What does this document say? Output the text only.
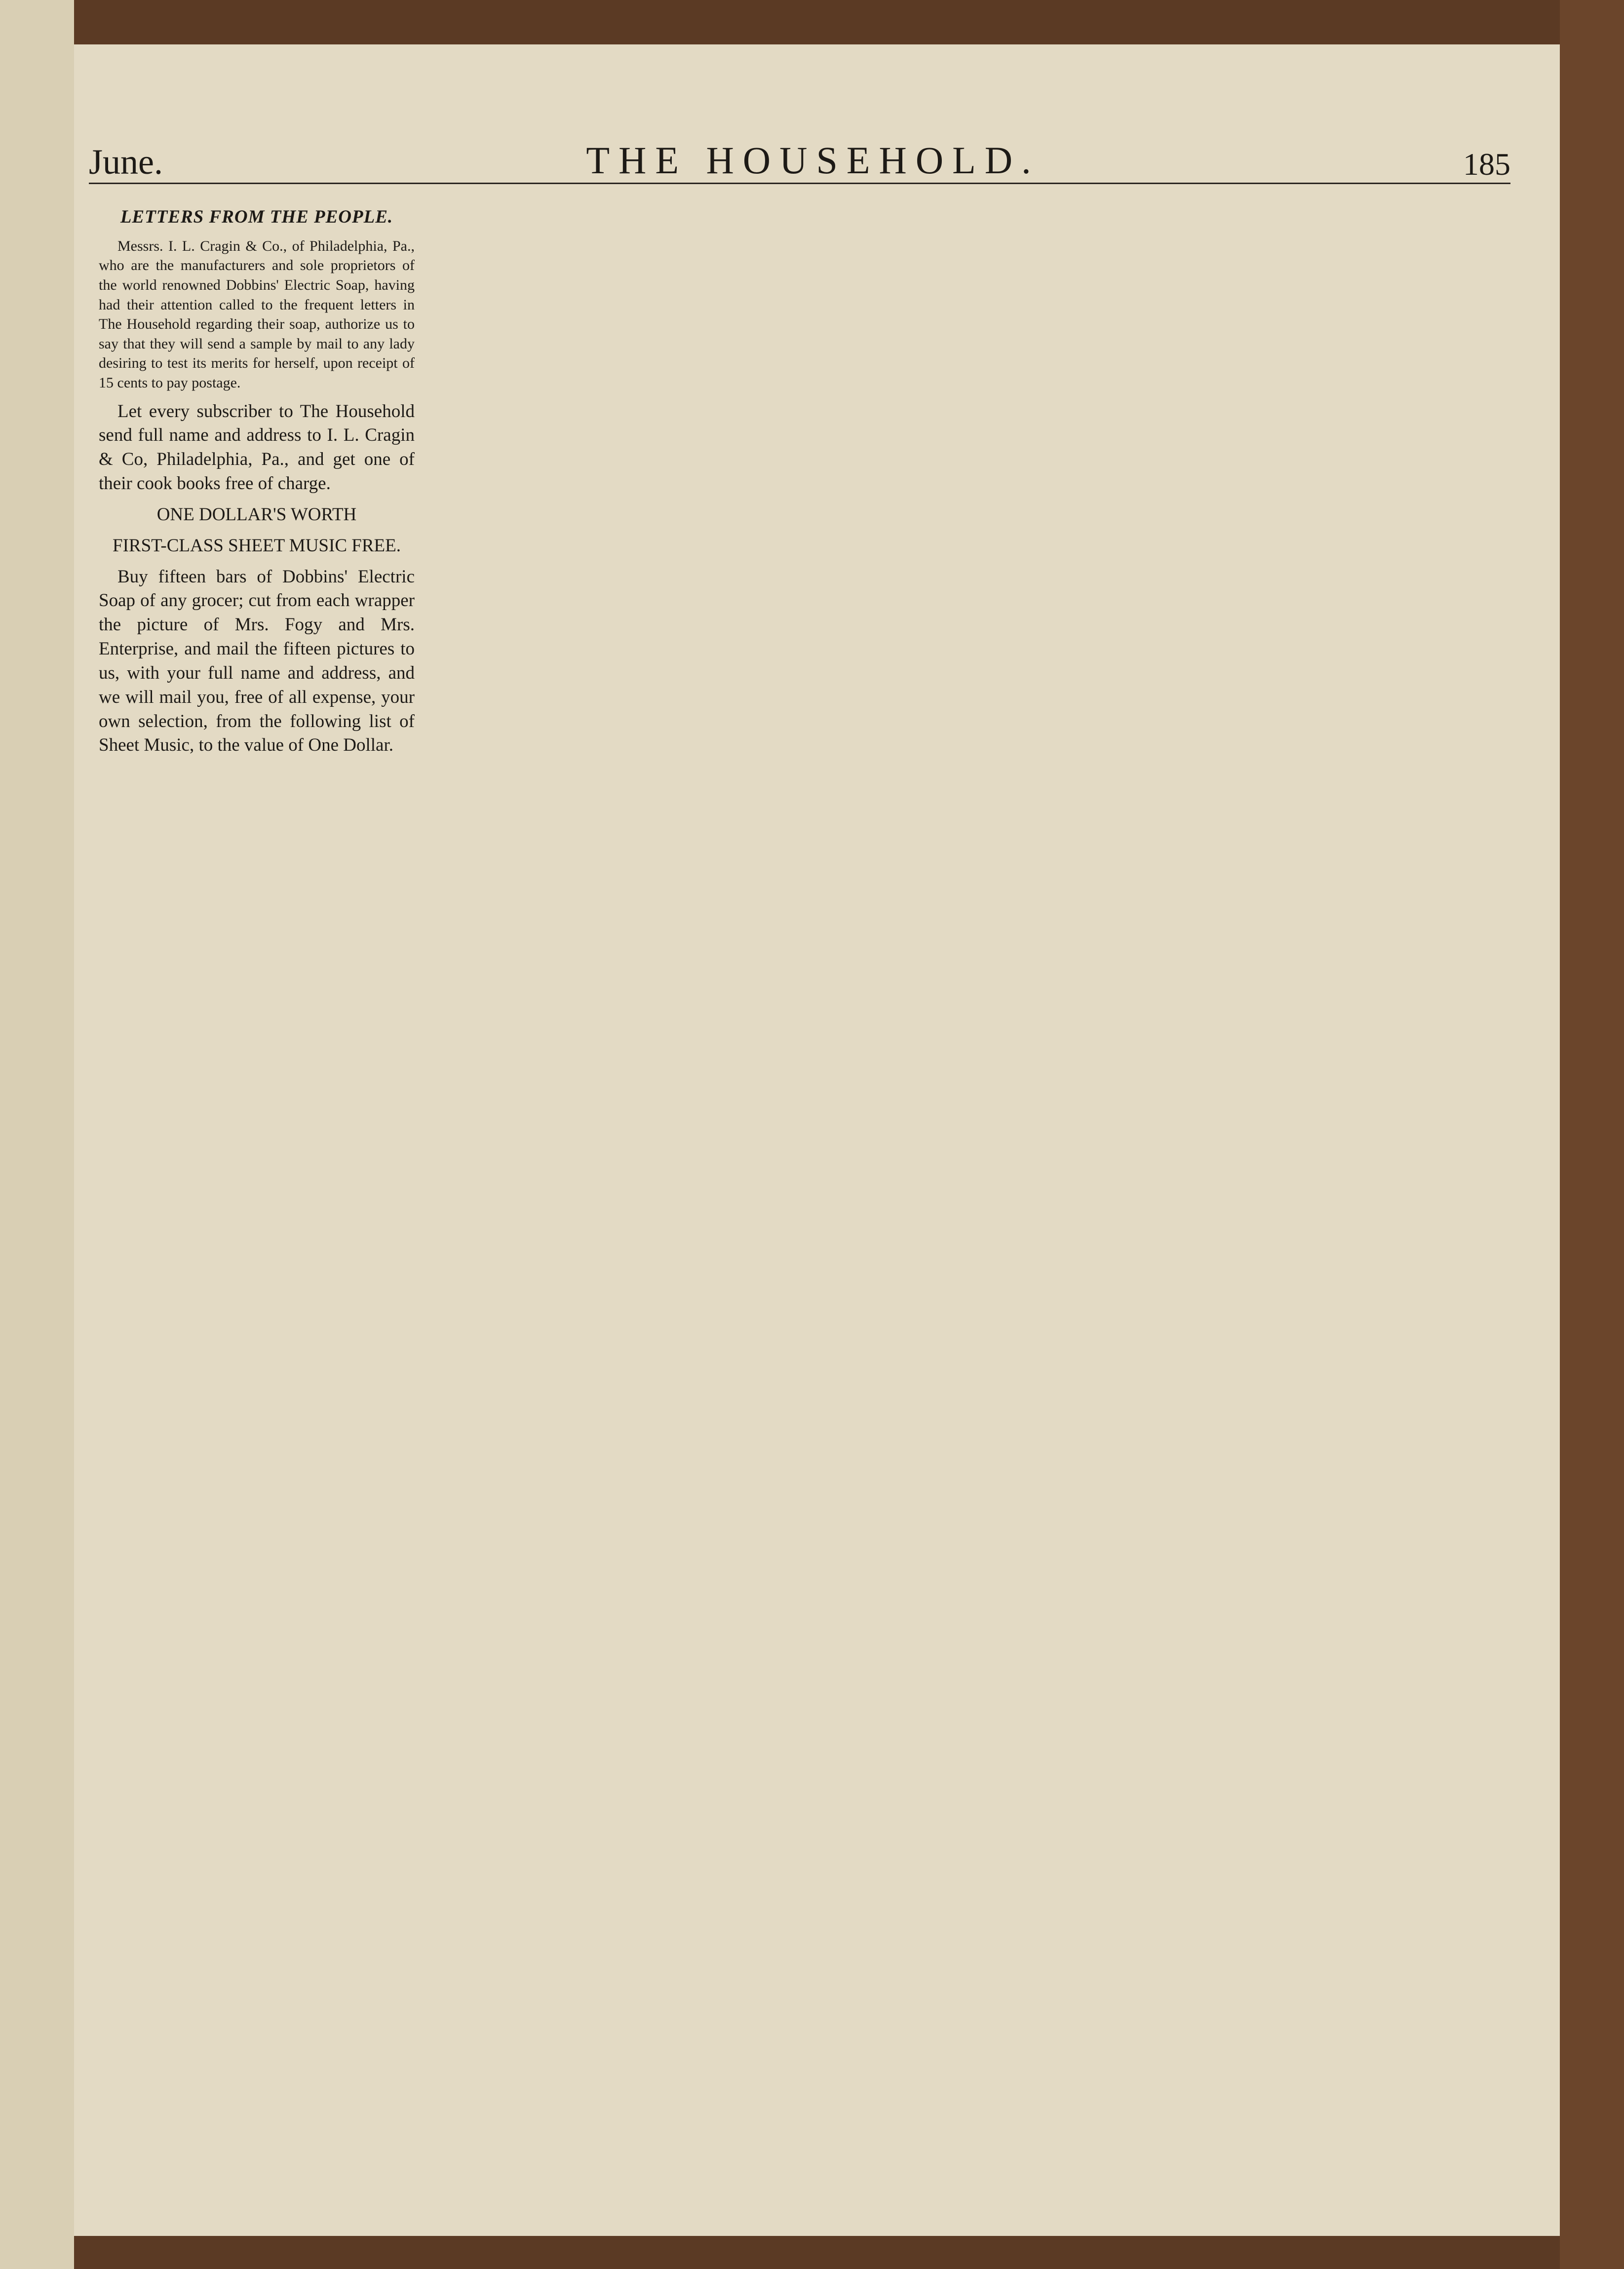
June.	THE HOUSEHOLD.	185
LETTERS FROM THE PEOPLE.

Messrs. I. L. Cragin & Co., of Philadelphia, Pa., who are the manufacturers and sole proprietors of the world renowned Dobbins' Electric Soap, having had their attention called to the frequent letters in The Household regarding their soap, authorize us to say that they will send a sample by mail to any lady desiring to test its merits for herself, upon receipt of 15 cents to pay postage.

Let every subscriber to The Household send full name and address to I. L. Cragin & Co, Philadelphia, Pa., and get one of their cook books free of charge.

ONE DOLLAR'S WORTH

FIRST-CLASS SHEET MUSIC FREE.

Buy fifteen bars of Dobbins' Electric Soap of any grocer; cut from each wrapper the picture of Mrs. Fogy and Mrs. Enterprise, and mail the fifteen pictures to us, with your full name and address, and we will mail you, free of all expense, your own selection, from the following list of Sheet Music, to the value of One Dollar.
